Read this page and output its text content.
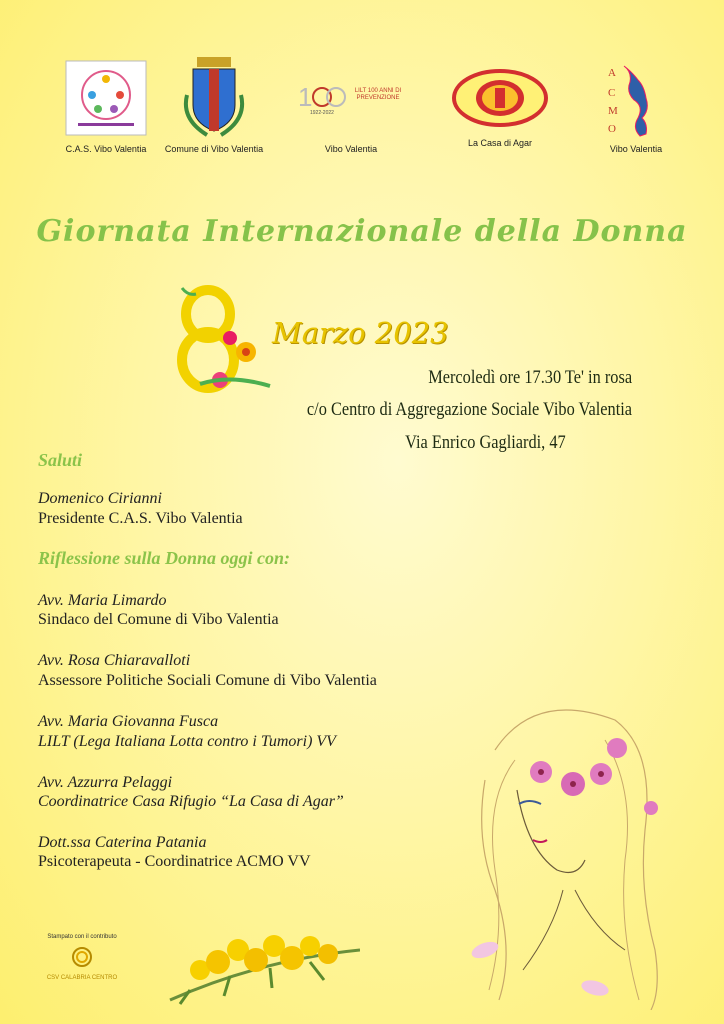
C.A.S. Vibo Valentia	Comune di Vibo Valentia
1	LILT 100 ANNI DI PREVENZIONE
1922-2022
Vibo Valentia
La Casa di Agar
A
C
M
O
Vibo Valentia
Giornata Internazionale della Donna
Marzo 2023
Mercoledì ore 17.30 Te' in rosa
c/o Centro di Aggregazione Sociale Vibo Valentia
Via Enrico Gagliardi, 47
Saluti
Domenico Cirianni
Presidente C.A.S. Vibo Valentia
Riflessione sulla Donna oggi con:
Avv. Maria Limardo
Sindaco del Comune di Vibo Valentia
Avv. Rosa Chiaravalloti
Assessore Politiche Sociali Comune di Vibo Valentia
Avv. Maria Giovanna Fusca
LILT (Lega Italiana Lotta contro i Tumori) VV
Avv. Azzurra Pelaggi
Coordinatrice Casa Rifugio “La Casa di Agar”
Dott.ssa Caterina Patania
Psicoterapeuta - Coordinatrice ACMO VV
Stampato con il contributo
CSV CALABRIA CENTRO
